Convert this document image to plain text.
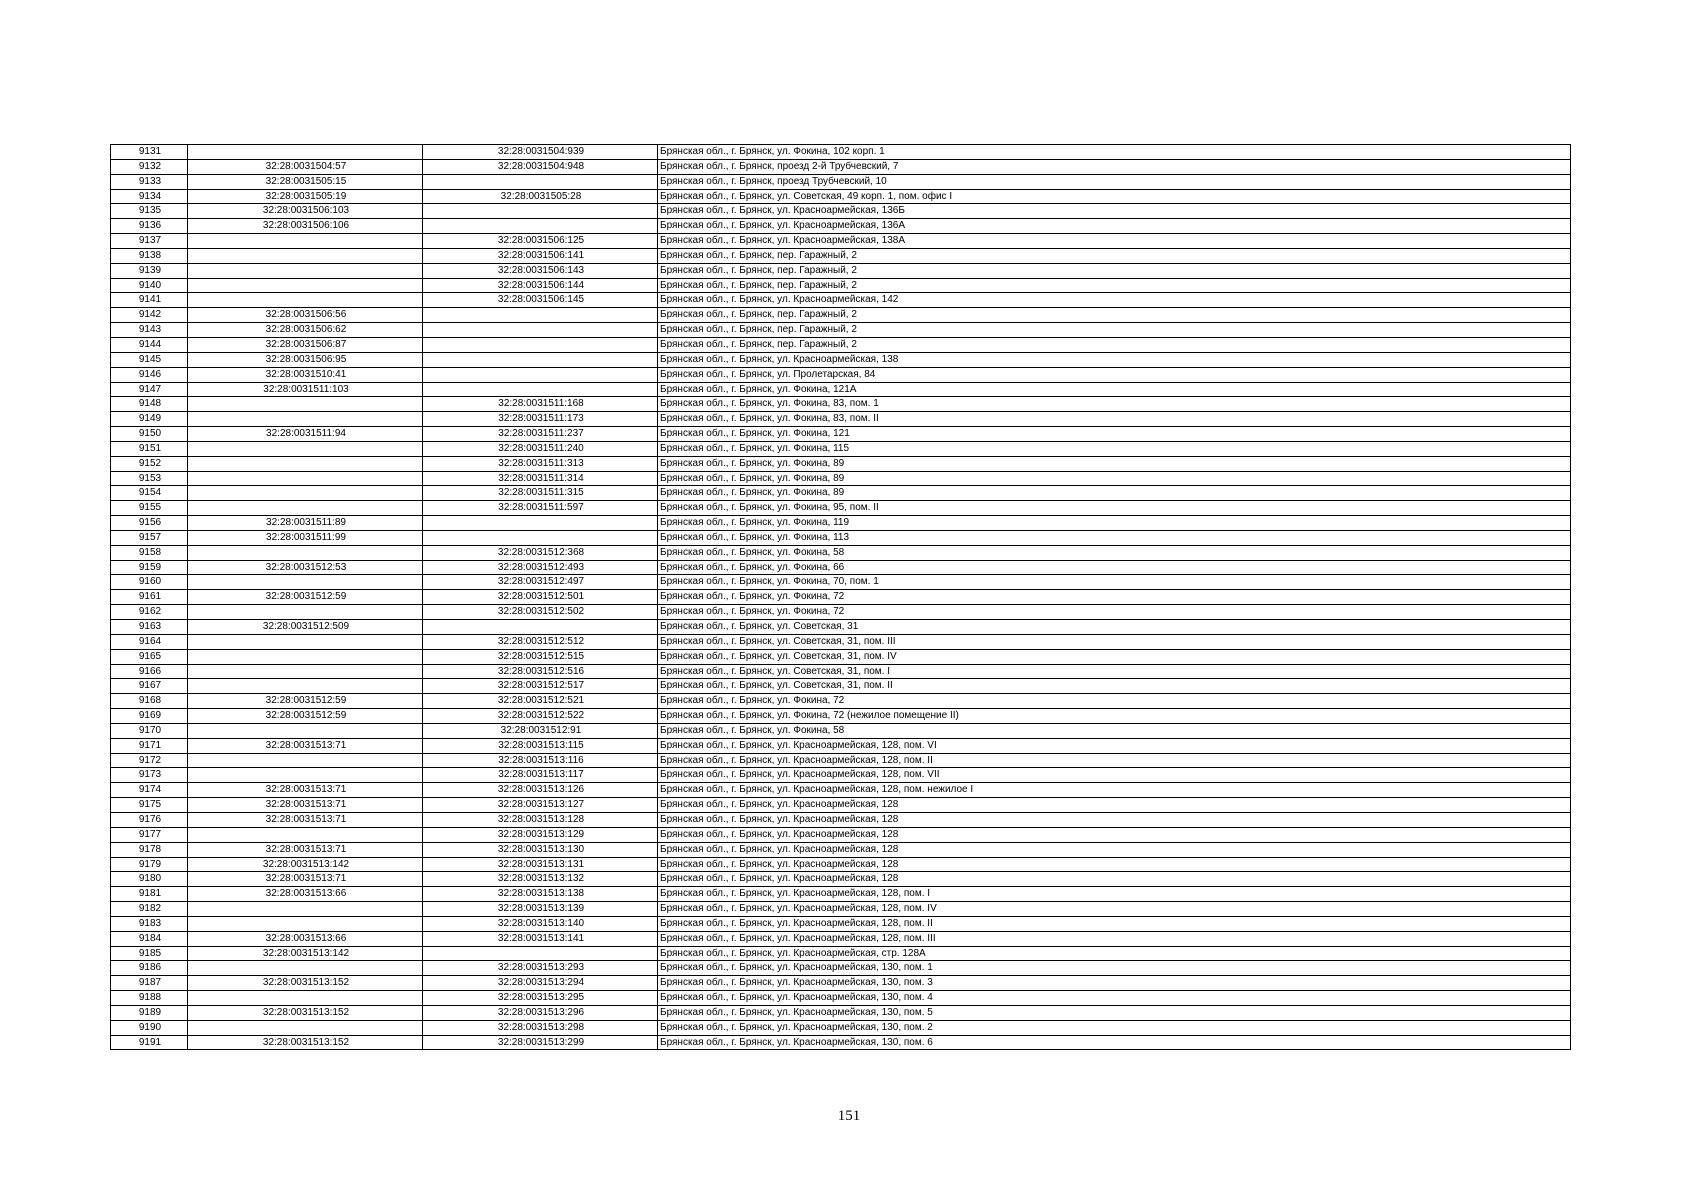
9131		32:28:0031504:939	Брянская обл., г. Брянск, ул. Фокина, 102 корп. 1
9132	32:28:0031504:57	32:28:0031504:948	Брянская обл., г. Брянск, проезд 2-й Трубчевский, 7
9133	32:28:0031505:15		Брянская обл., г. Брянск, проезд Трубчевский, 10
9134	32:28:0031505:19	32:28:0031505:28	Брянская обл., г. Брянск, ул. Советская, 49 корп. 1, пом. офис I
9135	32:28:0031506:103		Брянская обл., г. Брянск, ул. Красноармейская, 136Б
9136	32:28:0031506:106		Брянская обл., г. Брянск, ул. Красноармейская, 136А
9137		32:28:0031506:125	Брянская обл., г. Брянск, ул. Красноармейская, 138А
9138		32:28:0031506:141	Брянская обл., г. Брянск, пер. Гаражный, 2
9139		32:28:0031506:143	Брянская обл., г. Брянск, пер. Гаражный, 2
9140		32:28:0031506:144	Брянская обл., г. Брянск, пер. Гаражный, 2
9141		32:28:0031506:145	Брянская обл., г. Брянск, ул. Красноармейская, 142
9142	32:28:0031506:56		Брянская обл., г. Брянск, пер. Гаражный, 2
9143	32:28:0031506:62		Брянская обл., г. Брянск, пер. Гаражный, 2
9144	32:28:0031506:87		Брянская обл., г. Брянск, пер. Гаражный, 2
9145	32:28:0031506:95		Брянская обл., г. Брянск, ул. Красноармейская, 138
9146	32:28:0031510:41		Брянская обл., г. Брянск, ул. Пролетарская, 84
9147	32:28:0031511:103		Брянская обл., г. Брянск, ул. Фокина, 121А
9148		32:28:0031511:168	Брянская обл., г. Брянск, ул. Фокина, 83, пом. 1
9149		32:28:0031511:173	Брянская обл., г. Брянск, ул. Фокина, 83, пом. II
9150	32:28:0031511:94	32:28:0031511:237	Брянская обл., г. Брянск, ул. Фокина, 121
9151		32:28:0031511:240	Брянская обл., г. Брянск, ул. Фокина, 115
9152		32:28:0031511:313	Брянская обл., г. Брянск, ул. Фокина, 89
9153		32:28:0031511:314	Брянская обл., г. Брянск, ул. Фокина, 89
9154		32:28:0031511:315	Брянская обл., г. Брянск, ул. Фокина, 89
9155		32:28:0031511:597	Брянская обл., г. Брянск, ул. Фокина, 95, пом. II
9156	32:28:0031511:89		Брянская обл., г. Брянск, ул. Фокина, 119
9157	32:28:0031511:99		Брянская обл., г. Брянск, ул. Фокина, 113
9158		32:28:0031512:368	Брянская обл., г. Брянск, ул. Фокина, 58
9159	32:28:0031512:53	32:28:0031512:493	Брянская обл., г. Брянск, ул. Фокина, 66
9160		32:28:0031512:497	Брянская обл., г. Брянск, ул. Фокина, 70, пом. 1
9161	32:28:0031512:59	32:28:0031512:501	Брянская обл., г. Брянск, ул. Фокина, 72
9162		32:28:0031512:502	Брянская обл., г. Брянск, ул. Фокина, 72
9163	32:28:0031512:509		Брянская обл., г. Брянск, ул. Советская, 31
9164		32:28:0031512:512	Брянская обл., г. Брянск, ул. Советская, 31, пом. III
9165		32:28:0031512:515	Брянская обл., г. Брянск, ул. Советская, 31, пом. IV
9166		32:28:0031512:516	Брянская обл., г. Брянск, ул. Советская, 31, пом. I
9167		32:28:0031512:517	Брянская обл., г. Брянск, ул. Советская, 31, пом. II
9168	32:28:0031512:59	32:28:0031512:521	Брянская обл., г. Брянск, ул. Фокина, 72
9169	32:28:0031512:59	32:28:0031512:522	Брянская обл., г. Брянск, ул. Фокина, 72 (нежилое помещение II)
9170		32:28:0031512:91	Брянская обл., г. Брянск, ул. Фокина, 58
9171	32:28:0031513:71	32:28:0031513:115	Брянская обл., г. Брянск, ул. Красноармейская, 128, пом. VI
9172		32:28:0031513:116	Брянская обл., г. Брянск, ул. Красноармейская, 128, пом. II
9173		32:28:0031513:117	Брянская обл., г. Брянск, ул. Красноармейская, 128, пом. VII
9174	32:28:0031513:71	32:28:0031513:126	Брянская обл., г. Брянск, ул. Красноармейская, 128, пом. нежилое I
9175	32:28:0031513:71	32:28:0031513:127	Брянская обл., г. Брянск, ул. Красноармейская, 128
9176	32:28:0031513:71	32:28:0031513:128	Брянская обл., г. Брянск, ул. Красноармейская, 128
9177		32:28:0031513:129	Брянская обл., г. Брянск, ул. Красноармейская, 128
9178	32:28:0031513:71	32:28:0031513:130	Брянская обл., г. Брянск, ул. Красноармейская, 128
9179	32:28:0031513:142	32:28:0031513:131	Брянская обл., г. Брянск, ул. Красноармейская, 128
9180	32:28:0031513:71	32:28:0031513:132	Брянская обл., г. Брянск, ул. Красноармейская, 128
9181	32:28:0031513:66	32:28:0031513:138	Брянская обл., г. Брянск, ул. Красноармейская, 128, пом. I
9182		32:28:0031513:139	Брянская обл., г. Брянск, ул. Красноармейская, 128, пом. IV
9183		32:28:0031513:140	Брянская обл., г. Брянск, ул. Красноармейская, 128, пом. II
9184	32:28:0031513:66	32:28:0031513:141	Брянская обл., г. Брянск, ул. Красноармейская, 128, пом. III
9185	32:28:0031513:142		Брянская обл., г. Брянск, ул. Красноармейская, стр. 128А
9186		32:28:0031513:293	Брянская обл., г. Брянск, ул. Красноармейская, 130, пом. 1
9187	32:28:0031513:152	32:28:0031513:294	Брянская обл., г. Брянск, ул. Красноармейская, 130, пом. 3
9188		32:28:0031513:295	Брянская обл., г. Брянск, ул. Красноармейская, 130, пом. 4
9189	32:28:0031513:152	32:28:0031513:296	Брянская обл., г. Брянск, ул. Красноармейская, 130, пом. 5
9190		32:28:0031513:298	Брянская обл., г. Брянск, ул. Красноармейская, 130, пом. 2
9191	32:28:0031513:152	32:28:0031513:299	Брянская обл., г. Брянск, ул. Красноармейская, 130, пом. 6
151
